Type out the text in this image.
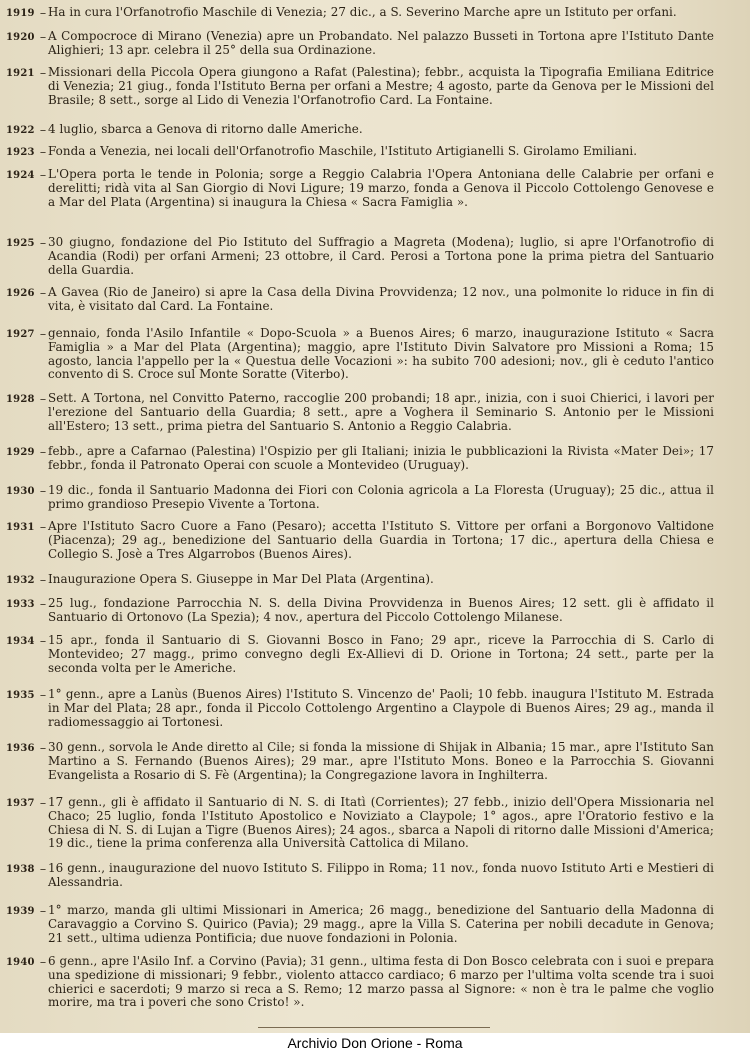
1919 – Ha in cura l'Orfanotrofio Maschile di Venezia; 27 dic., a S. Severino Marche apre un Istituto per orfani.
1920 – A Compocroce di Mirano (Venezia) apre un Probandato. Nel palazzo Busseti in Tortona apre l'Istituto Dante Alighieri; 13 apr. celebra il 25° della sua Ordinazione.
1921 – Missionari della Piccola Opera giungono a Rafat (Palestina); febbr., acquista la Tipografia Emiliana Editrice di Venezia; 21 giug., fonda l'Istituto Berna per orfani a Mestre; 4 agosto, parte da Genova per le Missioni del Brasile; 8 sett., sorge al Lido di Venezia l'Orfanotrofio Card. La Fontaine.
1922 – 4 luglio, sbarca a Genova di ritorno dalle Americhe.
1923 – Fonda a Venezia, nei locali dell'Orfanotrofio Maschile, l'Istituto Artigianelli S. Girolamo Emiliani.
1924 – L'Opera porta le tende in Polonia; sorge a Reggio Calabria l'Opera Antoniana delle Calabrie per orfani e derelitti; ridà vita al San Giorgio di Novi Ligure; 19 marzo, fonda a Genova il Piccolo Cottolengo Genovese e a Mar del Plata (Argentina) si inaugura la Chiesa « Sacra Famiglia ».
1925 – 30 giugno, fondazione del Pio Istituto del Suffragio a Magreta (Modena); luglio, si apre l'Orfanotrofio di Acandia (Rodi) per orfani Armeni; 23 ottobre, il Card. Perosi a Tortona pone la prima pietra del Santuario della Guardia.
1926 – A Gavea (Rio de Janeiro) si apre la Casa della Divina Provvidenza; 12 nov., una polmonite lo riduce in fin di vita, è visitato dal Card. La Fontaine.
1927 – gennaio, fonda l'Asilo Infantile « Dopo-Scuola » a Buenos Aires; 6 marzo, inaugurazione Istituto « Sacra Famiglia » a Mar del Plata (Argentina); maggio, apre l'Istituto Divin Salvatore pro Missioni a Roma; 15 agosto, lancia l'appello per la « Questua delle Vocazioni »: ha subito 700 adesioni; nov., gli è ceduto l'antico convento di S. Croce sul Monte Soratte (Viterbo).
1928 – Sett. A Tortona, nel Convitto Paterno, raccoglie 200 probandi; 18 apr., inizia, con i suoi Chierici, i lavori per l'erezione del Santuario della Guardia; 8 sett., apre a Voghera il Seminario S. Antonio per le Missioni all'Estero; 13 sett., prima pietra del Santuario S. Antonio a Reggio Calabria.
1929 – febb., apre a Cafarnao (Palestina) l'Ospizio per gli Italiani; inizia le pubblicazioni la Rivista «Mater Dei»; 17 febbr., fonda il Patronato Operai con scuole a Montevideo (Uruguay).
1930 – 19 dic., fonda il Santuario Madonna dei Fiori con Colonia agricola a La Floresta (Uruguay); 25 dic., attua il primo grandioso Presepio Vivente a Tortona.
1931 – Apre l'Istituto Sacro Cuore a Fano (Pesaro); accetta l'Istituto S. Vittore per orfani a Borgonovo Valtidone (Piacenza); 29 ag., benedizione del Santuario della Guardia in Tortona; 17 dic., apertura della Chiesa e Collegio S. Josè a Tres Algarrobos (Buenos Aires).
1932 – Inaugurazione Opera S. Giuseppe in Mar Del Plata (Argentina).
1933 – 25 lug., fondazione Parrocchia N. S. della Divina Provvidenza in Buenos Aires; 12 sett. gli è affidato il Santuario di Ortonovo (La Spezia); 4 nov., apertura del Piccolo Cottolengo Milanese.
1934 – 15 apr., fonda il Santuario di S. Giovanni Bosco in Fano; 29 apr., riceve la Parrocchia di S. Carlo di Montevideo; 27 magg., primo convegno degli Ex-Allievi di D. Orione in Tortona; 24 sett., parte per la seconda volta per le Americhe.
1935 – 1° genn., apre a Lanùs (Buenos Aires) l'Istituto S. Vincenzo de' Paoli; 10 febb. inaugura l'Istituto M. Estrada in Mar del Plata; 28 apr., fonda il Piccolo Cottolengo Argentino a Claypole di Buenos Aires; 29 ag., manda il radiomessaggio ai Tortonesi.
1936 – 30 genn., sorvola le Ande diretto al Cile; si fonda la missione di Shijak in Albania; 15 mar., apre l'Istituto San Martino a S. Fernando (Buenos Aires); 29 mar., apre l'Istituto Mons. Boneo e la Parrocchia S. Giovanni Evangelista a Rosario di S. Fè (Argentina); la Congregazione lavora in Inghilterra.
1937 – 17 genn., gli è affidato il Santuario di N. S. di Itatì (Corrientes); 27 febb., inizio dell'Opera Missionaria nel Chaco; 25 luglio, fonda l'Istituto Apostolico e Noviziato a Claypole; 1° agos., apre l'Oratorio festivo e la Chiesa di N. S. di Lujan a Tigre (Buenos Aires); 24 agos., sbarca a Napoli di ritorno dalle Missioni d'America; 19 dic., tiene la prima conferenza alla Università Cattolica di Milano.
1938 – 16 genn., inaugurazione del nuovo Istituto S. Filippo in Roma; 11 nov., fonda nuovo Istituto Arti e Mestieri di Alessandria.
1939 – 1° marzo, manda gli ultimi Missionari in America; 26 magg., benedizione del Santuario della Madonna di Caravaggio a Corvino S. Quirico (Pavia); 29 magg., apre la Villa S. Caterina per nobili decadute in Genova; 21 sett., ultima udienza Pontificia; due nuove fondazioni in Polonia.
1940 – 6 genn., apre l'Asilo Inf. a Corvino (Pavia); 31 genn., ultima festa di Don Bosco celebrata con i suoi e prepara una spedizione di missionari; 9 febbr., violento attacco cardiaco; 6 marzo per l'ultima volta scende tra i suoi chierici e sacerdoti; 9 marzo si reca a S. Remo; 12 marzo passa al Signore: « non è tra le palme che voglio morire, ma tra i poveri che sono Cristo! ».
Archivio Don Orione - Roma
